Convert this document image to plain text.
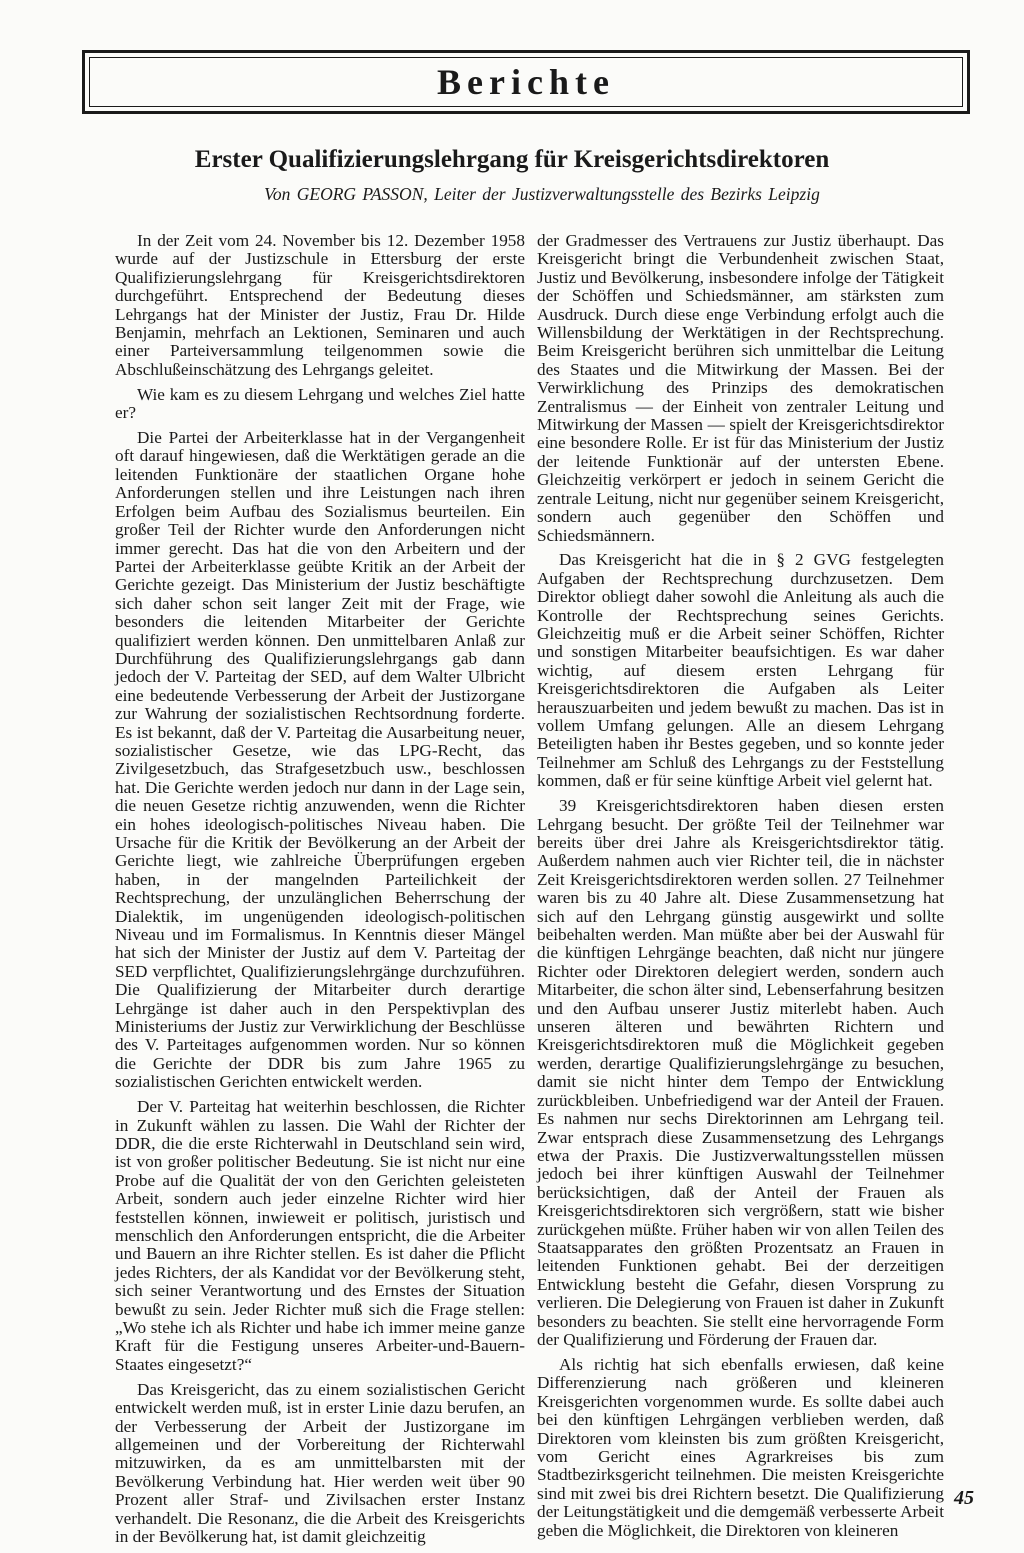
Berichte
Erster Qualifizierungslehrgang für Kreisgerichtsdirektoren

Von GEORG PASSON, Leiter der Justizverwaltungsstelle des Bezirks Leipzig

In der Zeit vom 24. November bis 12. Dezember 1958 wurde auf der Justizschule in Ettersburg der erste Qualifizierungslehrgang für Kreisgerichtsdirektoren durchgeführt. Entsprechend der Bedeutung dieses Lehrgangs hat der Minister der Justiz, Frau Dr. Hilde Benjamin, mehrfach an Lektionen, Seminaren und auch einer Parteiversammlung teilgenommen sowie die Abschlußeinschätzung des Lehrgangs geleitet.

Wie kam es zu diesem Lehrgang und welches Ziel hatte er?

Die Partei der Arbeiterklasse hat in der Vergangenheit oft darauf hingewiesen, daß die Werktätigen gerade an die leitenden Funktionäre der staatlichen Organe hohe Anforderungen stellen und ihre Leistungen nach ihren Erfolgen beim Aufbau des Sozialismus beurteilen. Ein großer Teil der Richter wurde den Anforderungen nicht immer gerecht. Das hat die von den Arbeitern und der Partei der Arbeiterklasse geübte Kritik an der Arbeit der Gerichte gezeigt. Das Ministerium der Justiz beschäftigte sich daher schon seit langer Zeit mit der Frage, wie besonders die leitenden Mitarbeiter der Gerichte qualifiziert werden können. Den unmittelbaren Anlaß zur Durchführung des Qualifizierungslehrgangs gab dann jedoch der V. Parteitag der SED, auf dem Walter Ulbricht eine bedeutende Verbesserung der Arbeit der Justizorgane zur Wahrung der sozialistischen Rechtsordnung forderte. Es ist bekannt, daß der V. Parteitag die Ausarbeitung neuer, sozialistischer Gesetze, wie das LPG-Recht, das Zivilgesetzbuch, das Strafgesetzbuch usw., beschlossen hat. Die Gerichte werden jedoch nur dann in der Lage sein, die neuen Gesetze richtig anzuwenden, wenn die Richter ein hohes ideologisch-politisches Niveau haben. Die Ursache für die Kritik der Bevölkerung an der Arbeit der Gerichte liegt, wie zahlreiche Überprüfungen ergeben haben, in der mangelnden Parteilichkeit der Rechtsprechung, der unzulänglichen Beherrschung der Dialektik, im ungenügenden ideologisch-politischen Niveau und im Formalismus. In Kenntnis dieser Mängel hat sich der Minister der Justiz auf dem V. Parteitag der SED verpflichtet, Qualifizierungslehrgänge durchzuführen. Die Qualifizierung der Mitarbeiter durch derartige Lehrgänge ist daher auch in den Perspektivplan des Ministeriums der Justiz zur Verwirklichung der Beschlüsse des V. Parteitages aufgenommen worden. Nur so können die Gerichte der DDR bis zum Jahre 1965 zu sozialistischen Gerichten entwickelt werden.

Der V. Parteitag hat weiterhin beschlossen, die Richter in Zukunft wählen zu lassen. Die Wahl der Richter der DDR, die die erste Richterwahl in Deutschland sein wird, ist von großer politischer Bedeutung. Sie ist nicht nur eine Probe auf die Qualität der von den Gerichten geleisteten Arbeit, sondern auch jeder einzelne Richter wird hier feststellen können, inwieweit er politisch, juristisch und menschlich den Anforderungen entspricht, die die Arbeiter und Bauern an ihre Richter stellen. Es ist daher die Pflicht jedes Richters, der als Kandidat vor der Bevölkerung steht, sich seiner Verantwortung und des Ernstes der Situation bewußt zu sein. Jeder Richter muß sich die Frage stellen: „Wo stehe ich als Richter und habe ich immer meine ganze Kraft für die Festigung unseres Arbeiter-und-Bauern-Staates eingesetzt?“

Das Kreisgericht, das zu einem sozialistischen Gericht entwickelt werden muß, ist in erster Linie dazu berufen, an der Verbesserung der Arbeit der Justizorgane im allgemeinen und der Vorbereitung der Richterwahl mitzuwirken, da es am unmittelbarsten mit der Bevölkerung Verbindung hat. Hier werden weit über 90 Prozent aller Straf- und Zivilsachen erster Instanz verhandelt. Die Resonanz, die die Arbeit des Kreisgerichts in der Bevölkerung hat, ist damit gleichzeitig

der Gradmesser des Vertrauens zur Justiz überhaupt. Das Kreisgericht bringt die Verbundenheit zwischen Staat, Justiz und Bevölkerung, insbesondere infolge der Tätigkeit der Schöffen und Schiedsmänner, am stärksten zum Ausdruck. Durch diese enge Verbindung erfolgt auch die Willensbildung der Werktätigen in der Rechtsprechung. Beim Kreisgericht berühren sich unmittelbar die Leitung des Staates und die Mitwirkung der Massen. Bei der Verwirklichung des Prinzips des demokratischen Zentralismus — der Einheit von zentraler Leitung und Mitwirkung der Massen — spielt der Kreisgerichtsdirektor eine besondere Rolle. Er ist für das Ministerium der Justiz der leitende Funktionär auf der untersten Ebene. Gleichzeitig verkörpert er jedoch in seinem Gericht die zentrale Leitung, nicht nur gegenüber seinem Kreisgericht, sondern auch gegenüber den Schöffen und Schiedsmännern.

Das Kreisgericht hat die in § 2 GVG festgelegten Aufgaben der Rechtsprechung durchzusetzen. Dem Direktor obliegt daher sowohl die Anleitung als auch die Kontrolle der Rechtsprechung seines Gerichts. Gleichzeitig muß er die Arbeit seiner Schöffen, Richter und sonstigen Mitarbeiter beaufsichtigen. Es war daher wichtig, auf diesem ersten Lehrgang für Kreisgerichtsdirektoren die Aufgaben als Leiter herauszuarbeiten und jedem bewußt zu machen. Das ist in vollem Umfang gelungen. Alle an diesem Lehrgang Beteiligten haben ihr Bestes gegeben, und so konnte jeder Teilnehmer am Schluß des Lehrgangs zu der Feststellung kommen, daß er für seine künftige Arbeit viel gelernt hat.

39 Kreisgerichtsdirektoren haben diesen ersten Lehrgang besucht. Der größte Teil der Teilnehmer war bereits über drei Jahre als Kreisgerichtsdirektor tätig. Außerdem nahmen auch vier Richter teil, die in nächster Zeit Kreisgerichtsdirektoren werden sollen. 27 Teilnehmer waren bis zu 40 Jahre alt. Diese Zusammensetzung hat sich auf den Lehrgang günstig ausgewirkt und sollte beibehalten werden. Man müßte aber bei der Auswahl für die künftigen Lehrgänge beachten, daß nicht nur jüngere Richter oder Direktoren delegiert werden, sondern auch Mitarbeiter, die schon älter sind, Lebenserfahrung besitzen und den Aufbau unserer Justiz miterlebt haben. Auch unseren älteren und bewährten Richtern und Kreisgerichtsdirektoren muß die Möglichkeit gegeben werden, derartige Qualifizierungslehrgänge zu besuchen, damit sie nicht hinter dem Tempo der Entwicklung zurückbleiben. Unbefriedigend war der Anteil der Frauen. Es nahmen nur sechs Direktorinnen am Lehrgang teil. Zwar entsprach diese Zusammensetzung des Lehrgangs etwa der Praxis. Die Justizverwaltungsstellen müssen jedoch bei ihrer künftigen Auswahl der Teilnehmer berücksichtigen, daß der Anteil der Frauen als Kreisgerichtsdirektoren sich vergrößern, statt wie bisher zurückgehen müßte. Früher haben wir von allen Teilen des Staatsapparates den größten Prozentsatz an Frauen in leitenden Funktionen gehabt. Bei der derzeitigen Entwicklung besteht die Gefahr, diesen Vorsprung zu verlieren. Die Delegierung von Frauen ist daher in Zukunft besonders zu beachten. Sie stellt eine hervorragende Form der Qualifizierung und Förderung der Frauen dar.

Als richtig hat sich ebenfalls erwiesen, daß keine Differenzierung nach größeren und kleineren Kreisgerichten vorgenommen wurde. Es sollte dabei auch bei den künftigen Lehrgängen verblieben werden, daß Direktoren vom kleinsten bis zum größten Kreisgericht, vom Gericht eines Agrarkreises bis zum Stadtbezirksgericht teilnehmen. Die meisten Kreisgerichte sind mit zwei bis drei Richtern besetzt. Die Qualifizierung der Leitungstätigkeit und die demgemäß verbesserte Arbeit geben die Möglichkeit, die Direktoren von kleineren

45
